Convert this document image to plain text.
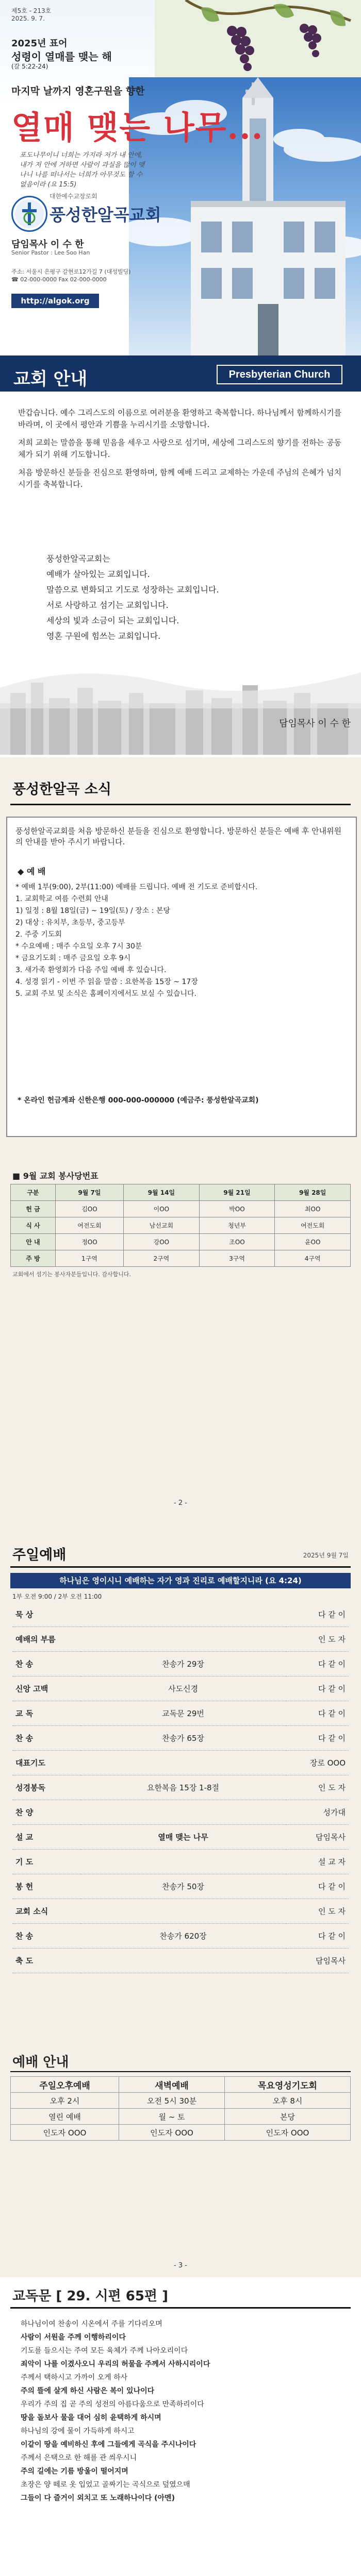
제5호 - 213호
2025. 9. 7.
2025년 표어
성령이 열매를 맺는 해
(갈 5:22-24)
마지막 날까지 영혼구원을 향한
열매 맺는 나무...
포도나무이니 너희는 가지라 저가 내 안에, 내가 저 안에 거하면 사람이 과실을 많이 맺나니 나를 떠나서는 너희가 아무것도 할 수 없음이라 (요 15:5)
대한예수교장로회
풍성한알곡교회
담임목사 이 수 한
Senior Pastor : Lee Soo Han
주소: 서울시 은평구 갈현로12가길 7 (대성빌딩)
☎ 02-000-0000 Fax 02-000-0000
http://algok.org
교회 안내	Presbyterian Church

반갑습니다. 예수 그리스도의 이름으로 여러분을 환영하고 축복합니다. 하나님께서 함께하시기를 바라며, 이 곳에서 평안과 기쁨을 누리시기를 소망합니다.

저희 교회는 말씀을 통해 믿음을 세우고 사랑으로 섬기며, 세상에 그리스도의 향기를 전하는 공동체가 되기 위해 기도합니다.

처음 방문하신 분들을 진심으로 환영하며, 함께 예배 드리고 교제하는 가운데 주님의 은혜가 넘치시기를 축복합니다.

풍성한알곡교회는
예배가 살아있는 교회입니다.
말씀으로 변화되고 기도로 성장하는 교회입니다.
서로 사랑하고 섬기는 교회입니다.
세상의 빛과 소금이 되는 교회입니다.
영혼 구원에 힘쓰는 교회입니다.
담임목사 이 수 한
풍성한알곡 소식
풍성한알곡교회를 처음 방문하신 분들을 진심으로 환영합니다. 방문하신 분들은 예배 후 안내위원의 안내를 받아 주시기 바랍니다.
◆ 예 배

* 예배 1부(9:00), 2부(11:00) 예배를 드립니다. 예배 전 기도로 준비합시다.

1. 교회학교 여름 수련회 안내

1) 일정 : 8월 18일(금) ~ 19일(토) / 장소 : 본당

2) 대상 : 유치부, 초등부, 중고등부

2. 주중 기도회

* 수요예배 : 매주 수요일 오후 7시 30분

* 금요기도회 : 매주 금요일 오후 9시

3. 새가족 환영회가 다음 주일 예배 후 있습니다.

4. 성경 읽기 - 이번 주 읽을 말씀 : 요한복음 15장 ~ 17장

5. 교회 주보 및 소식은 홈페이지에서도 보실 수 있습니다.

* 온라인 헌금계좌 신한은행 000-000-000000 (예금주: 풍성한알곡교회)
■ 9월 교회 봉사당번표
구분	9월 7일	9월 14일	9월 21일	9월 28일
헌 금	김OO	이OO	박OO	최OO
식 사	여전도회	남선교회	청년부	여전도회
안 내	정OO	강OO	조OO	윤OO
주 방	1구역	2구역	3구역	4구역
교회에서 섬기는 봉사자분들입니다. 감사합니다.
- 2 -
주일예배	2025년 9월 7일
하나님은 영이시니 예배하는 자가 영과 진리로 예배할지니라 (요 4:24)
1부 오전 9:00 / 2부 오전 11:00
묵 상		다 같 이
예배의 부름		인 도 자
찬 송	찬송가 29장	다 같 이
신앙 고백	사도신경	다 같 이
교 독	교독문 29번	다 같 이
찬 송	찬송가 65장	다 같 이
대표기도		장로 OOO
성경봉독	요한복음 15장 1-8절	인 도 자
찬 양		성가대
설 교	열매 맺는 나무	담임목사
기 도		설 교 자
봉 헌	찬송가 50장	다 같 이
교회 소식		인 도 자
찬 송	찬송가 620장	다 같 이
축 도		담임목사
예배 안내
주일오후예배	새벽예배	목요영성기도회
오후 2시	오전 5시 30분	오후 8시
열린 예배	월 ~ 토	본당
인도자 OOO	인도자 OOO	인도자 OOO
- 3 -
교독문 [ 29. 시편 65편 ]

하나님이여 찬송이 시온에서 주를 기다리오며

사람이 서원을 주께 이행하리이다

기도를 들으시는 주여 모든 육체가 주께 나아오리이다

죄악이 나를 이겼사오니 우리의 허물을 주께서 사하시리이다

주께서 택하시고 가까이 오게 하사

주의 뜰에 살게 하신 사람은 복이 있나이다

우리가 주의 집 곧 주의 성전의 아름다움으로 만족하리이다

땅을 돌보사 물을 대어 심히 윤택하게 하시며

하나님의 강에 물이 가득하게 하시고

이같이 땅을 예비하신 후에 그들에게 곡식을 주시나이다

주께서 은택으로 한 해를 관 씌우시니

주의 길에는 기름 방울이 떨어지며

초장은 양 떼로 옷 입었고 골짜기는 곡식으로 덮였으매

그들이 다 즐거이 외치고 또 노래하나이다 (아멘)
